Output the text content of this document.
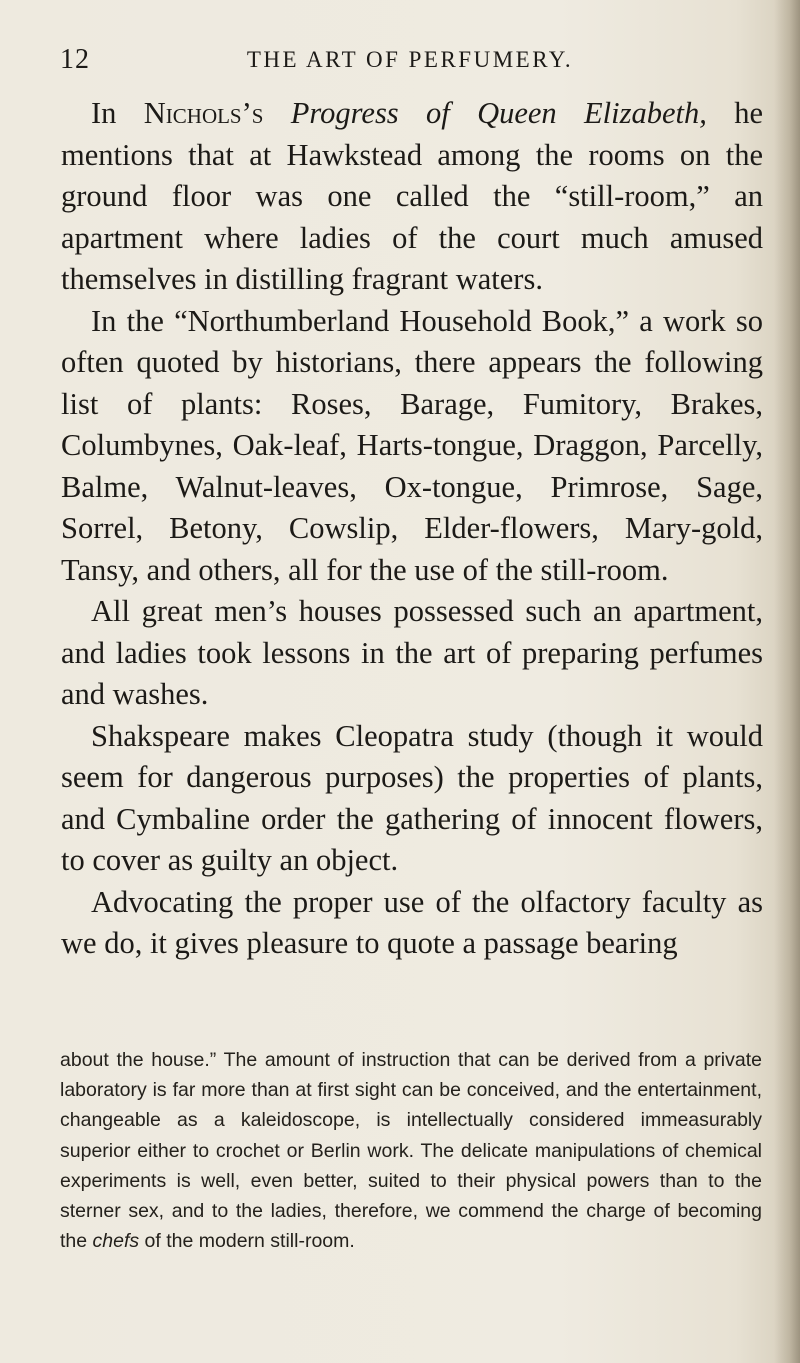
12	THE ART OF PERFUMERY.

In Nichols’s Progress of Queen Elizabeth, he mentions that at Hawkstead among the rooms on the ground floor was one called the “still-room,” an apartment where ladies of the court much amused themselves in distilling fragrant waters.

In the “Northumberland Household Book,” a work so often quoted by historians, there appears the following list of plants: Roses, Barage, Fumitory, Brakes, Columbynes, Oak-leaf, Harts-tongue, Draggon, Parcelly, Balme, Walnut-leaves, Ox-tongue, Primrose, Sage, Sorrel, Betony, Cowslip, Elder-flowers, Mary-gold, Tansy, and others, all for the use of the still-room.

All great men’s houses possessed such an apartment, and ladies took lessons in the art of preparing perfumes and washes.

Shakspeare makes Cleopatra study (though it would seem for dangerous purposes) the properties of plants, and Cymbaline order the gathering of innocent flowers, to cover as guilty an object.

Advocating the proper use of the olfactory faculty as we do, it gives pleasure to quote a passage bearing

about the house.” The amount of instruction that can be derived from a private laboratory is far more than at first sight can be conceived, and the entertainment, changeable as a kaleidoscope, is intellectually considered immeasurably superior either to crochet or Berlin work. The delicate manipulations of chemical experiments is well, even better, suited to their physical powers than to the sterner sex, and to the ladies, therefore, we commend the charge of becoming the chefs of the modern still-room.
